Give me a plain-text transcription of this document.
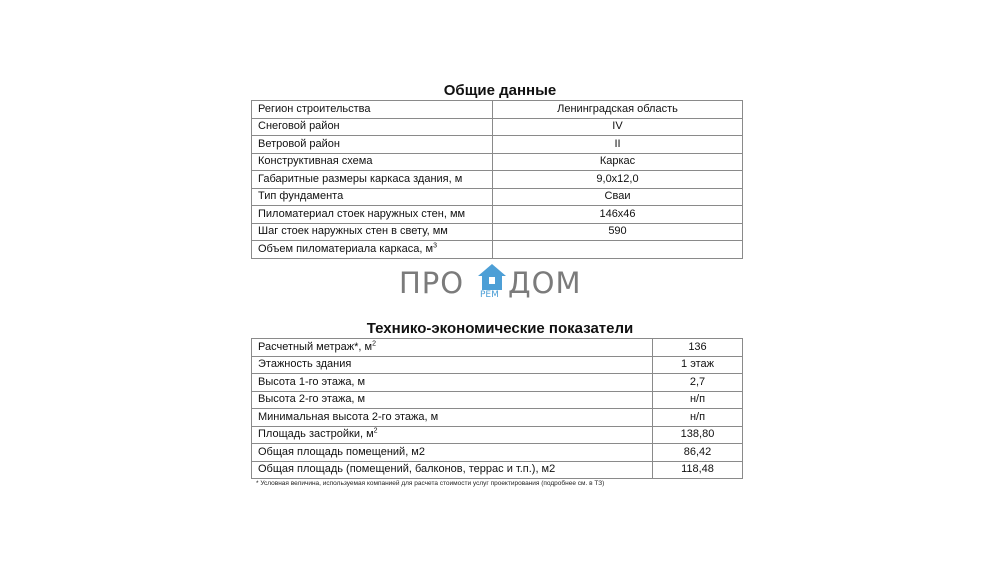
Общие данные
Регион строительства	Ленинградская область
Снеговой район	IV
Ветровой район	II
Конструктивная схема	Каркас
Габаритные размеры каркаса здания, м	9,0x12,0
Тип фундамента	Сваи
Пиломатериал стоек наружных стен, мм	146x46
Шаг стоек наружных стен в свету, мм	590
Объем пиломатериала каркаса, $м^3$	
ПРО РЕМ ДОМ
Технико-экономические показатели
Расчетный метраж*, $м^2$	136
Этажность здания	1 этаж
Высота 1-го этажа, м	2,7
Высота 2-го этажа, м	н/п
Минимальная высота 2-го этажа, м	н/п
Площадь застройки, $м^2$	138,80
Общая площадь помещений, м2	86,42
Общая площадь (помещений, балконов, террас и т.п.), м2	118,48
* Условная величина, используемая компанией для расчета стоимости услуг проектирования (подробнее см. в ТЗ)
